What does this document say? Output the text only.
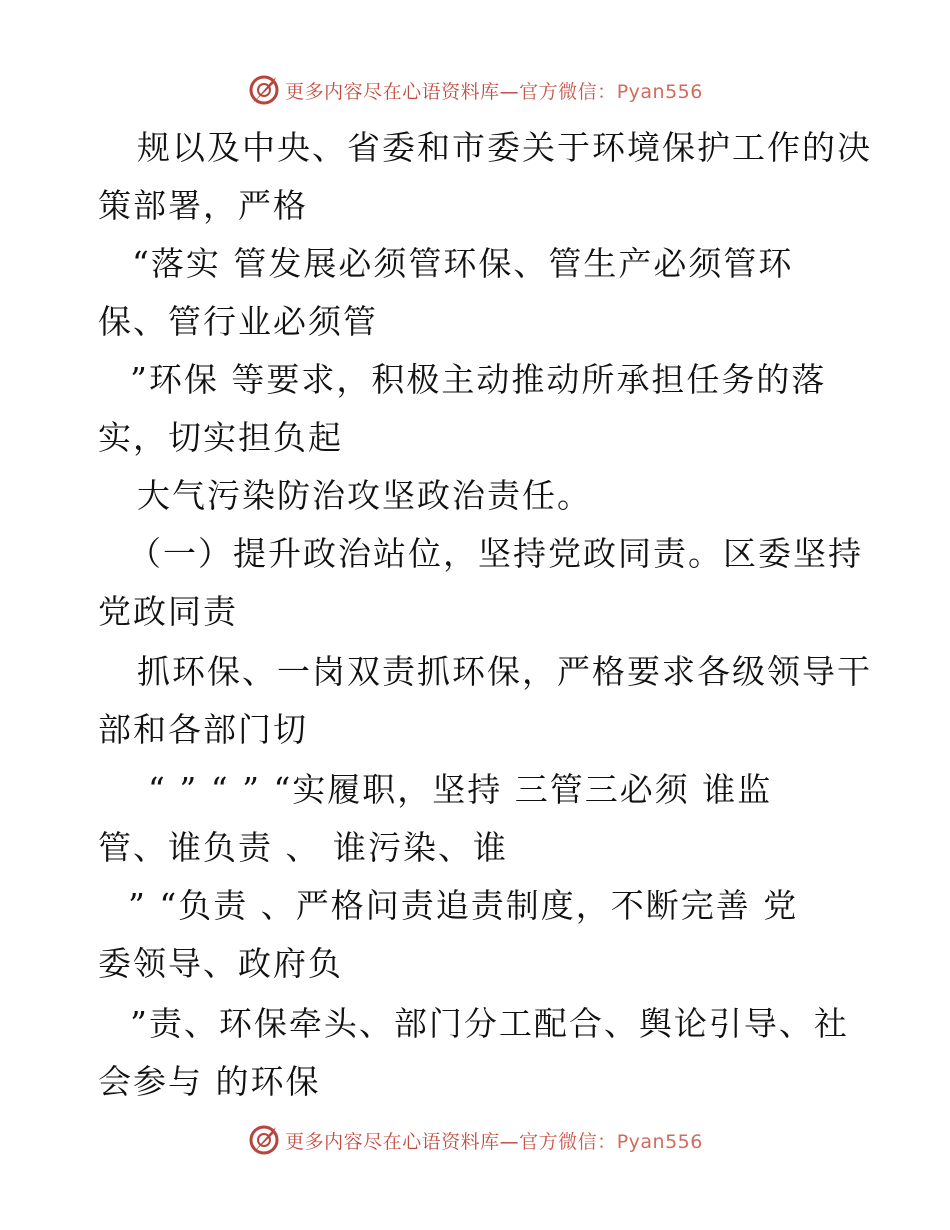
更多内容尽在心语资料库—官方微信：Pyan556
规以及中央、省委和市委关于环境保护工作的决
策部署，严格
“落实 管发展必须管环保、管生产必须管环
保、管行业必须管
”环保 等要求，积极主动推动所承担任务的落
实，切实担负起
大气污染防治攻坚政治责任。
（一）提升政治站位，坚持党政同责。区委坚持
党政同责
抓环保、一岗双责抓环保，严格要求各级领导干
部和各部门切
“ ” “ ” “实履职，坚持 三管三必须 谁监
管、谁负责 、 谁污染、谁
” “负责 、严格问责追责制度，不断完善 党
委领导、政府负
”责、环保牵头、部门分工配合、舆论引导、社
会参与 的环保
更多内容尽在心语资料库—官方微信：Pyan556
